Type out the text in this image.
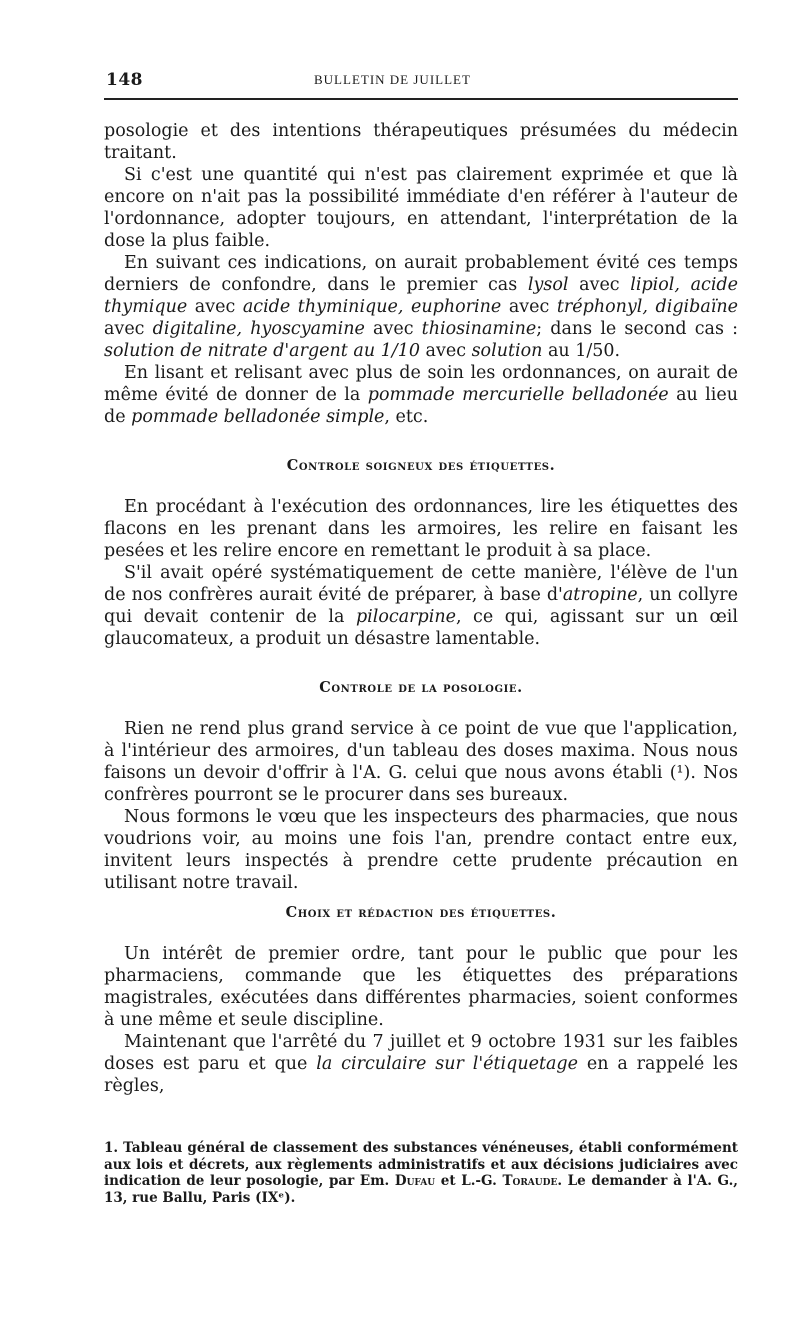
148	BULLETIN DE JUILLET

posologie et des intentions thérapeutiques présumées du médecin traitant.

Si c'est une quantité qui n'est pas clairement exprimée et que là encore on n'ait pas la possibilité immédiate d'en référer à l'auteur de l'ordonnance, adopter toujours, en attendant, l'interprétation de la dose la plus faible.

En suivant ces indications, on aurait probablement évité ces temps derniers de confondre, dans le premier cas lysol avec lipiol, acide thymique avec acide thyminique, euphorine avec tréphonyl, digibaïne avec digitaline, hyoscyamine avec thiosinamine; dans le second cas : solution de nitrate d'argent au 1/10 avec solution au 1/50.

En lisant et relisant avec plus de soin les ordonnances, on aurait de même évité de donner de la pommade mercurielle belladonée au lieu de pommade belladonée simple, etc.

Controle soigneux des étiquettes.

En procédant à l'exécution des ordonnances, lire les étiquettes des flacons en les prenant dans les armoires, les relire en faisant les pesées et les relire encore en remettant le produit à sa place.

S'il avait opéré systématiquement de cette manière, l'élève de l'un de nos confrères aurait évité de préparer, à base d'atropine, un collyre qui devait contenir de la pilocarpine, ce qui, agissant sur un œil glaucomateux, a produit un désastre lamentable.

Controle de la posologie.

Rien ne rend plus grand service à ce point de vue que l'application, à l'intérieur des armoires, d'un tableau des doses maxima. Nous nous faisons un devoir d'offrir à l'A. G. celui que nous avons établi (¹). Nos confrères pourront se le procurer dans ses bureaux.

Nous formons le vœu que les inspecteurs des pharmacies, que nous voudrions voir, au moins une fois l'an, prendre contact entre eux, invitent leurs inspectés à prendre cette prudente précaution en utilisant notre travail.

Choix et rédaction des étiquettes.

Un intérêt de premier ordre, tant pour le public que pour les pharmaciens, commande que les étiquettes des préparations magistrales, exécutées dans différentes pharmacies, soient conformes à une même et seule discipline.

Maintenant que l'arrêté du 7 juillet et 9 octobre 1931 sur les faibles doses est paru et que la circulaire sur l'étiquetage en a rappelé les règles,

1. Tableau général de classement des substances vénéneuses, établi conformément aux lois et décrets, aux règlements administratifs et aux décisions judiciaires avec indication de leur posologie, par Em. Dufau et L.-G. Toraude. Le demander à l'A. G., 13, rue Ballu, Paris (IXᵉ).
